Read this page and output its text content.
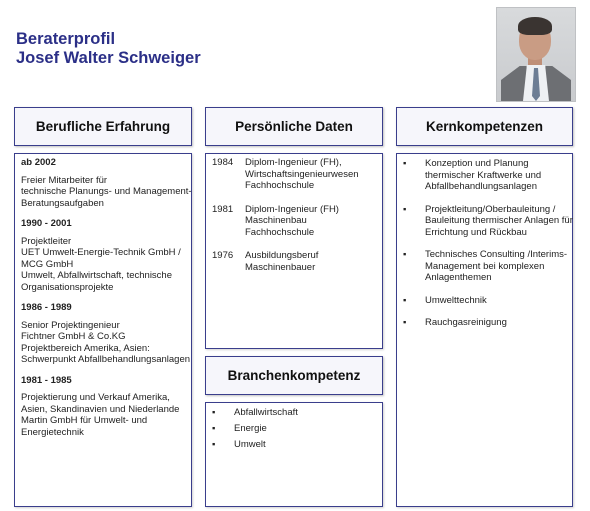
Beraterprofil
Josef Walter Schweiger
Berufliche Erfahrung	Persönliche Daten	Kernkompetenzen
Branchenkompetenz
ab 2002
Freier Mitarbeiter für
technische Planungs- und Management-
Beratungsaufgaben
1990 - 2001
Projektleiter
UET Umwelt-Energie-Technik GmbH /
MCG GmbH
Umwelt, Abfallwirtschaft, technische
Organisationsprojekte
1986 - 1989
Senior Projektingenieur
Fichtner GmbH & Co.KG
Projektbereich Amerika, Asien:
Schwerpunkt Abfallbehandlungsanlagen
1981 - 1985
Projektierung und Verkauf Amerika,
Asien, Skandinavien und Niederlande
Martin GmbH für Umwelt- und
Energietechnik
1984	Diplom-Ingenieur (FH),
Wirtschaftsingenieurwesen
Fachhochschule
1981	Diplom-Ingenieur (FH)
Maschinenbau
Fachhochschule
1976	Ausbildungsberuf
Maschinenbauer
▪	Konzeption und Planung
thermischer Kraftwerke und
Abfallbehandlungsanlagen
▪	Projektleitung/Oberbauleitung /
Bauleitung thermischer Anlagen für
Errichtung und Rückbau
▪	Technisches Consulting /Interims-
Management bei komplexen
Anlagenthemen
▪	Umwelttechnik
▪	Rauchgasreinigung
▪	Abfallwirtschaft
▪	Energie
▪	Umwelt
